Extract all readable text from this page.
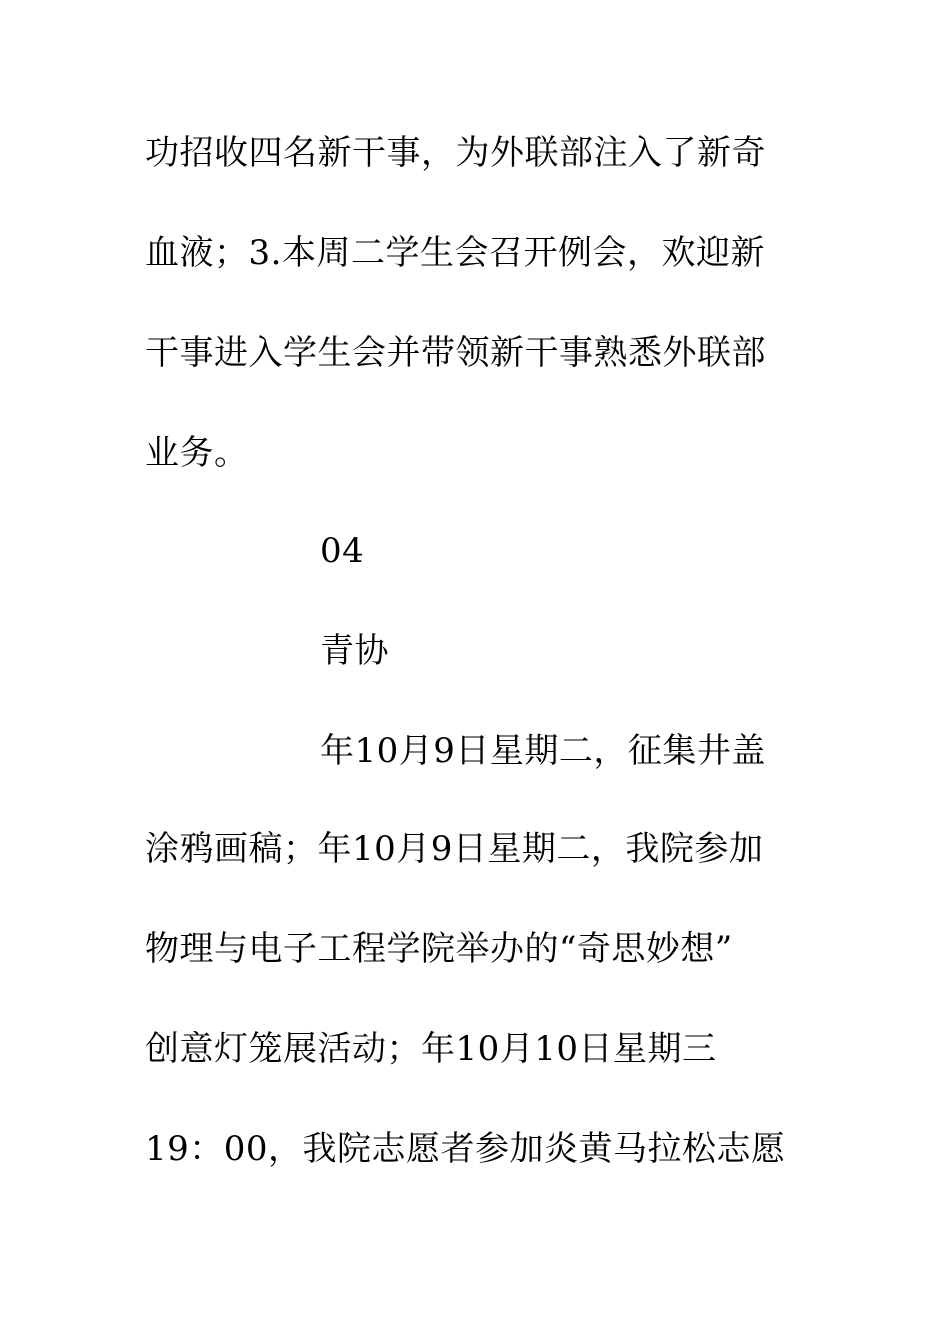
功招收四名新干事，为外联部注入了新奇
血液；3.本周二学生会召开例会，欢迎新
干事进入学生会并带领新干事熟悉外联部
业务。
04
青协
年10月9日星期二，征集井盖
涂鸦画稿；年10月9日星期二，我院参加
物理与电子工程学院举办的“奇思妙想”
创意灯笼展活动；年10月10日星期三
19：00，我院志愿者参加炎黄马拉松志愿
